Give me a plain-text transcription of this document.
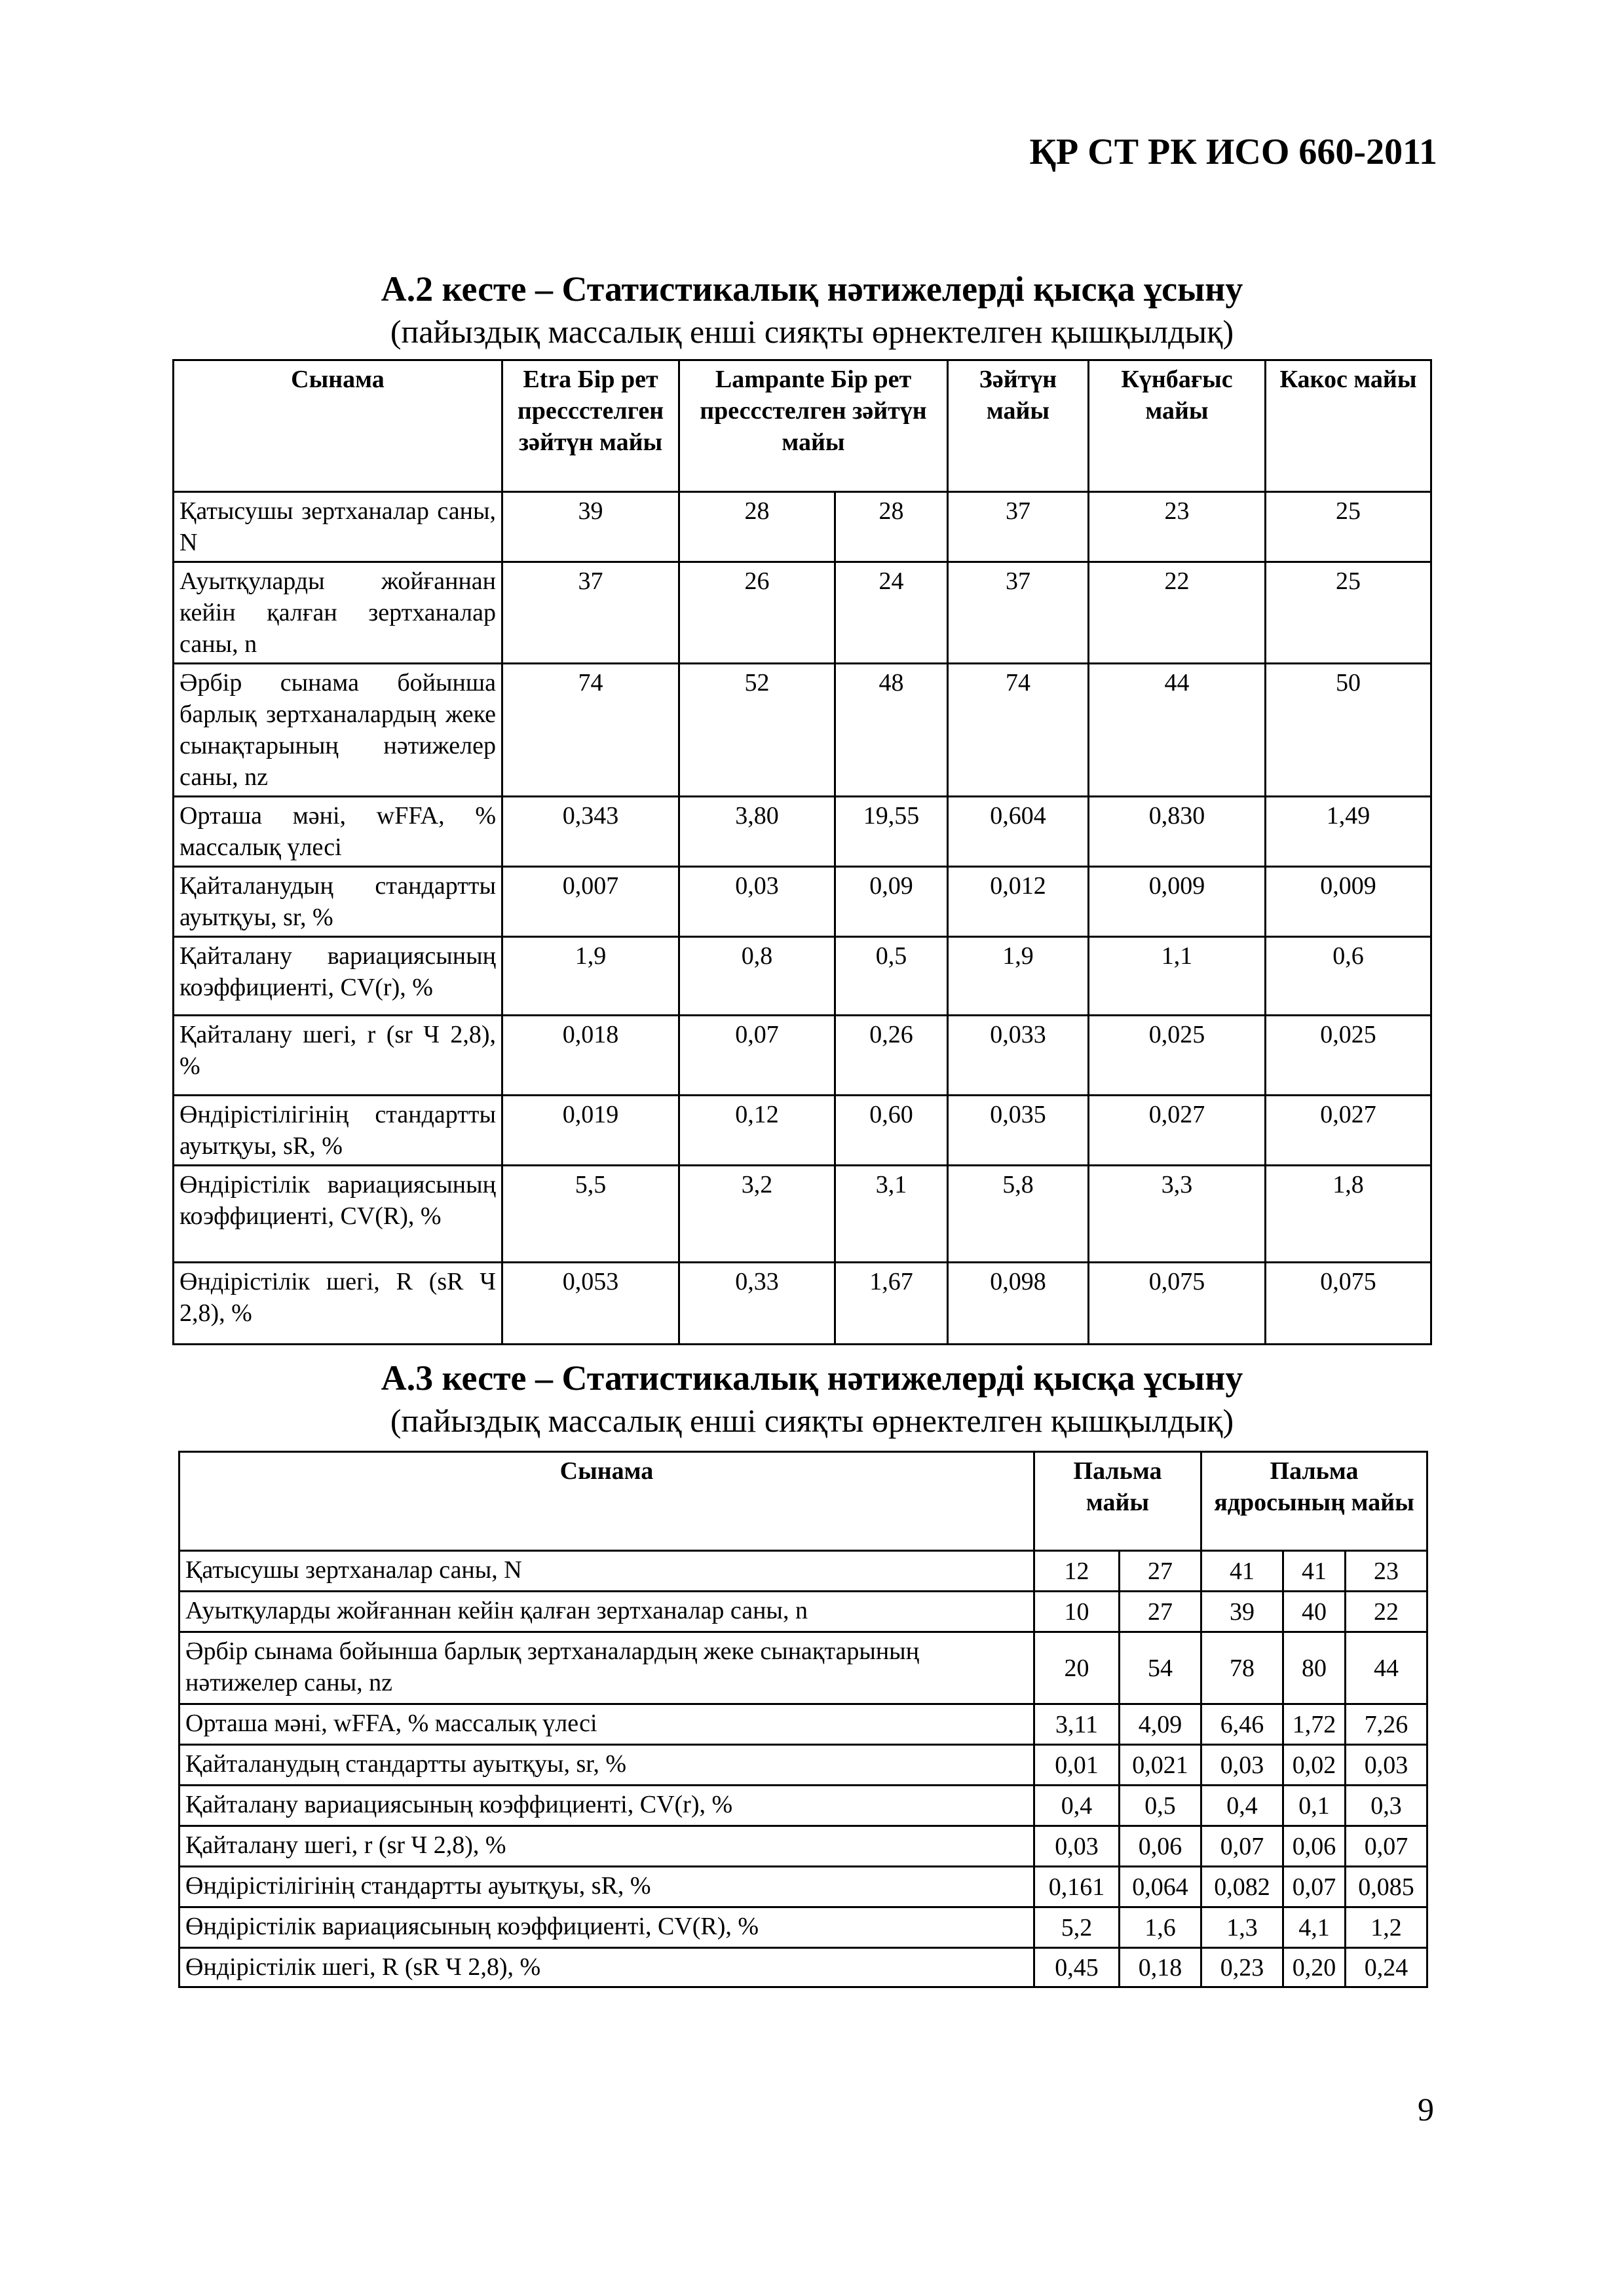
ҚР СТ РК ИСО 660-2011
А.2 кесте – Статистикалық нәтижелерді қысқа ұсыну
(пайыздық массалық енші сияқты өрнектелген қышқылдық)
Сынама	Etra Бір рет прессстелген зәйтүн майы	Lampante Бір рет прессстелген зәйтүн майы		Зәйтүн майы	Күнбағыс майы	Какос майы
Қатысушы зертханалар саны, N	39	28	28	37	23	25
Ауытқуларды жойғаннан кейін қалған зертханалар саны, n	37	26	24	37	22	25
Әрбір сынама бойынша барлық зертханалардың жеке сынақтарының нәтижелер саны, nz	74	52	48	74	44	50
Орташа мәні, wFFA, % массалық үлесі	0,343	3,80	19,55	0,604	0,830	1,49
Қайталанудың стандартты ауытқуы, sr, %	0,007	0,03	0,09	0,012	0,009	0,009
Қайталану вариациясының коэффициенті, CV(r), %	1,9	0,8	0,5	1,9	1,1	0,6
Қайталану шегі, r (sr Ч 2,8), %	0,018	0,07	0,26	0,033	0,025	0,025
Өндірістілігінің стандартты ауытқуы, sR, %	0,019	0,12	0,60	0,035	0,027	0,027
Өндірістілік вариациясының коэффициенті, CV(R), %	5,5	3,2	3,1	5,8	3,3	1,8
Өндірістілік шегі, R (sR Ч 2,8), %	0,053	0,33	1,67	0,098	0,075	0,075
А.3 кесте – Статистикалық нәтижелерді қысқа ұсыну
(пайыздық массалық енші сияқты өрнектелген қышқылдық)
Сынама	Пальма майы		Пальма ядросының майы		
Қатысушы зертханалар саны, N	12	27	41	41	23
Ауытқуларды жойғаннан кейін қалған зертханалар саны, n	10	27	39	40	22
Әрбір сынама бойынша барлық зертханалардың жеке сынақтарының нәтижелер саны, nz	20	54	78	80	44
Орташа мәні, wFFA, % массалық үлесі	3,11	4,09	6,46	1,72	7,26
Қайталанудың стандартты ауытқуы, sr, %	0,01	0,021	0,03	0,02	0,03
Қайталану вариациясының коэффициенті, CV(r), %	0,4	0,5	0,4	0,1	0,3
Қайталану шегі, r (sr Ч 2,8), %	0,03	0,06	0,07	0,06	0,07
Өндірістілігінің стандартты ауытқуы, sR, %	0,161	0,064	0,082	0,07	0,085
Өндірістілік вариациясының коэффициенті, CV(R), %	5,2	1,6	1,3	4,1	1,2
Өндірістілік шегі, R (sR Ч 2,8), %	0,45	0,18	0,23	0,20	0,24
9
